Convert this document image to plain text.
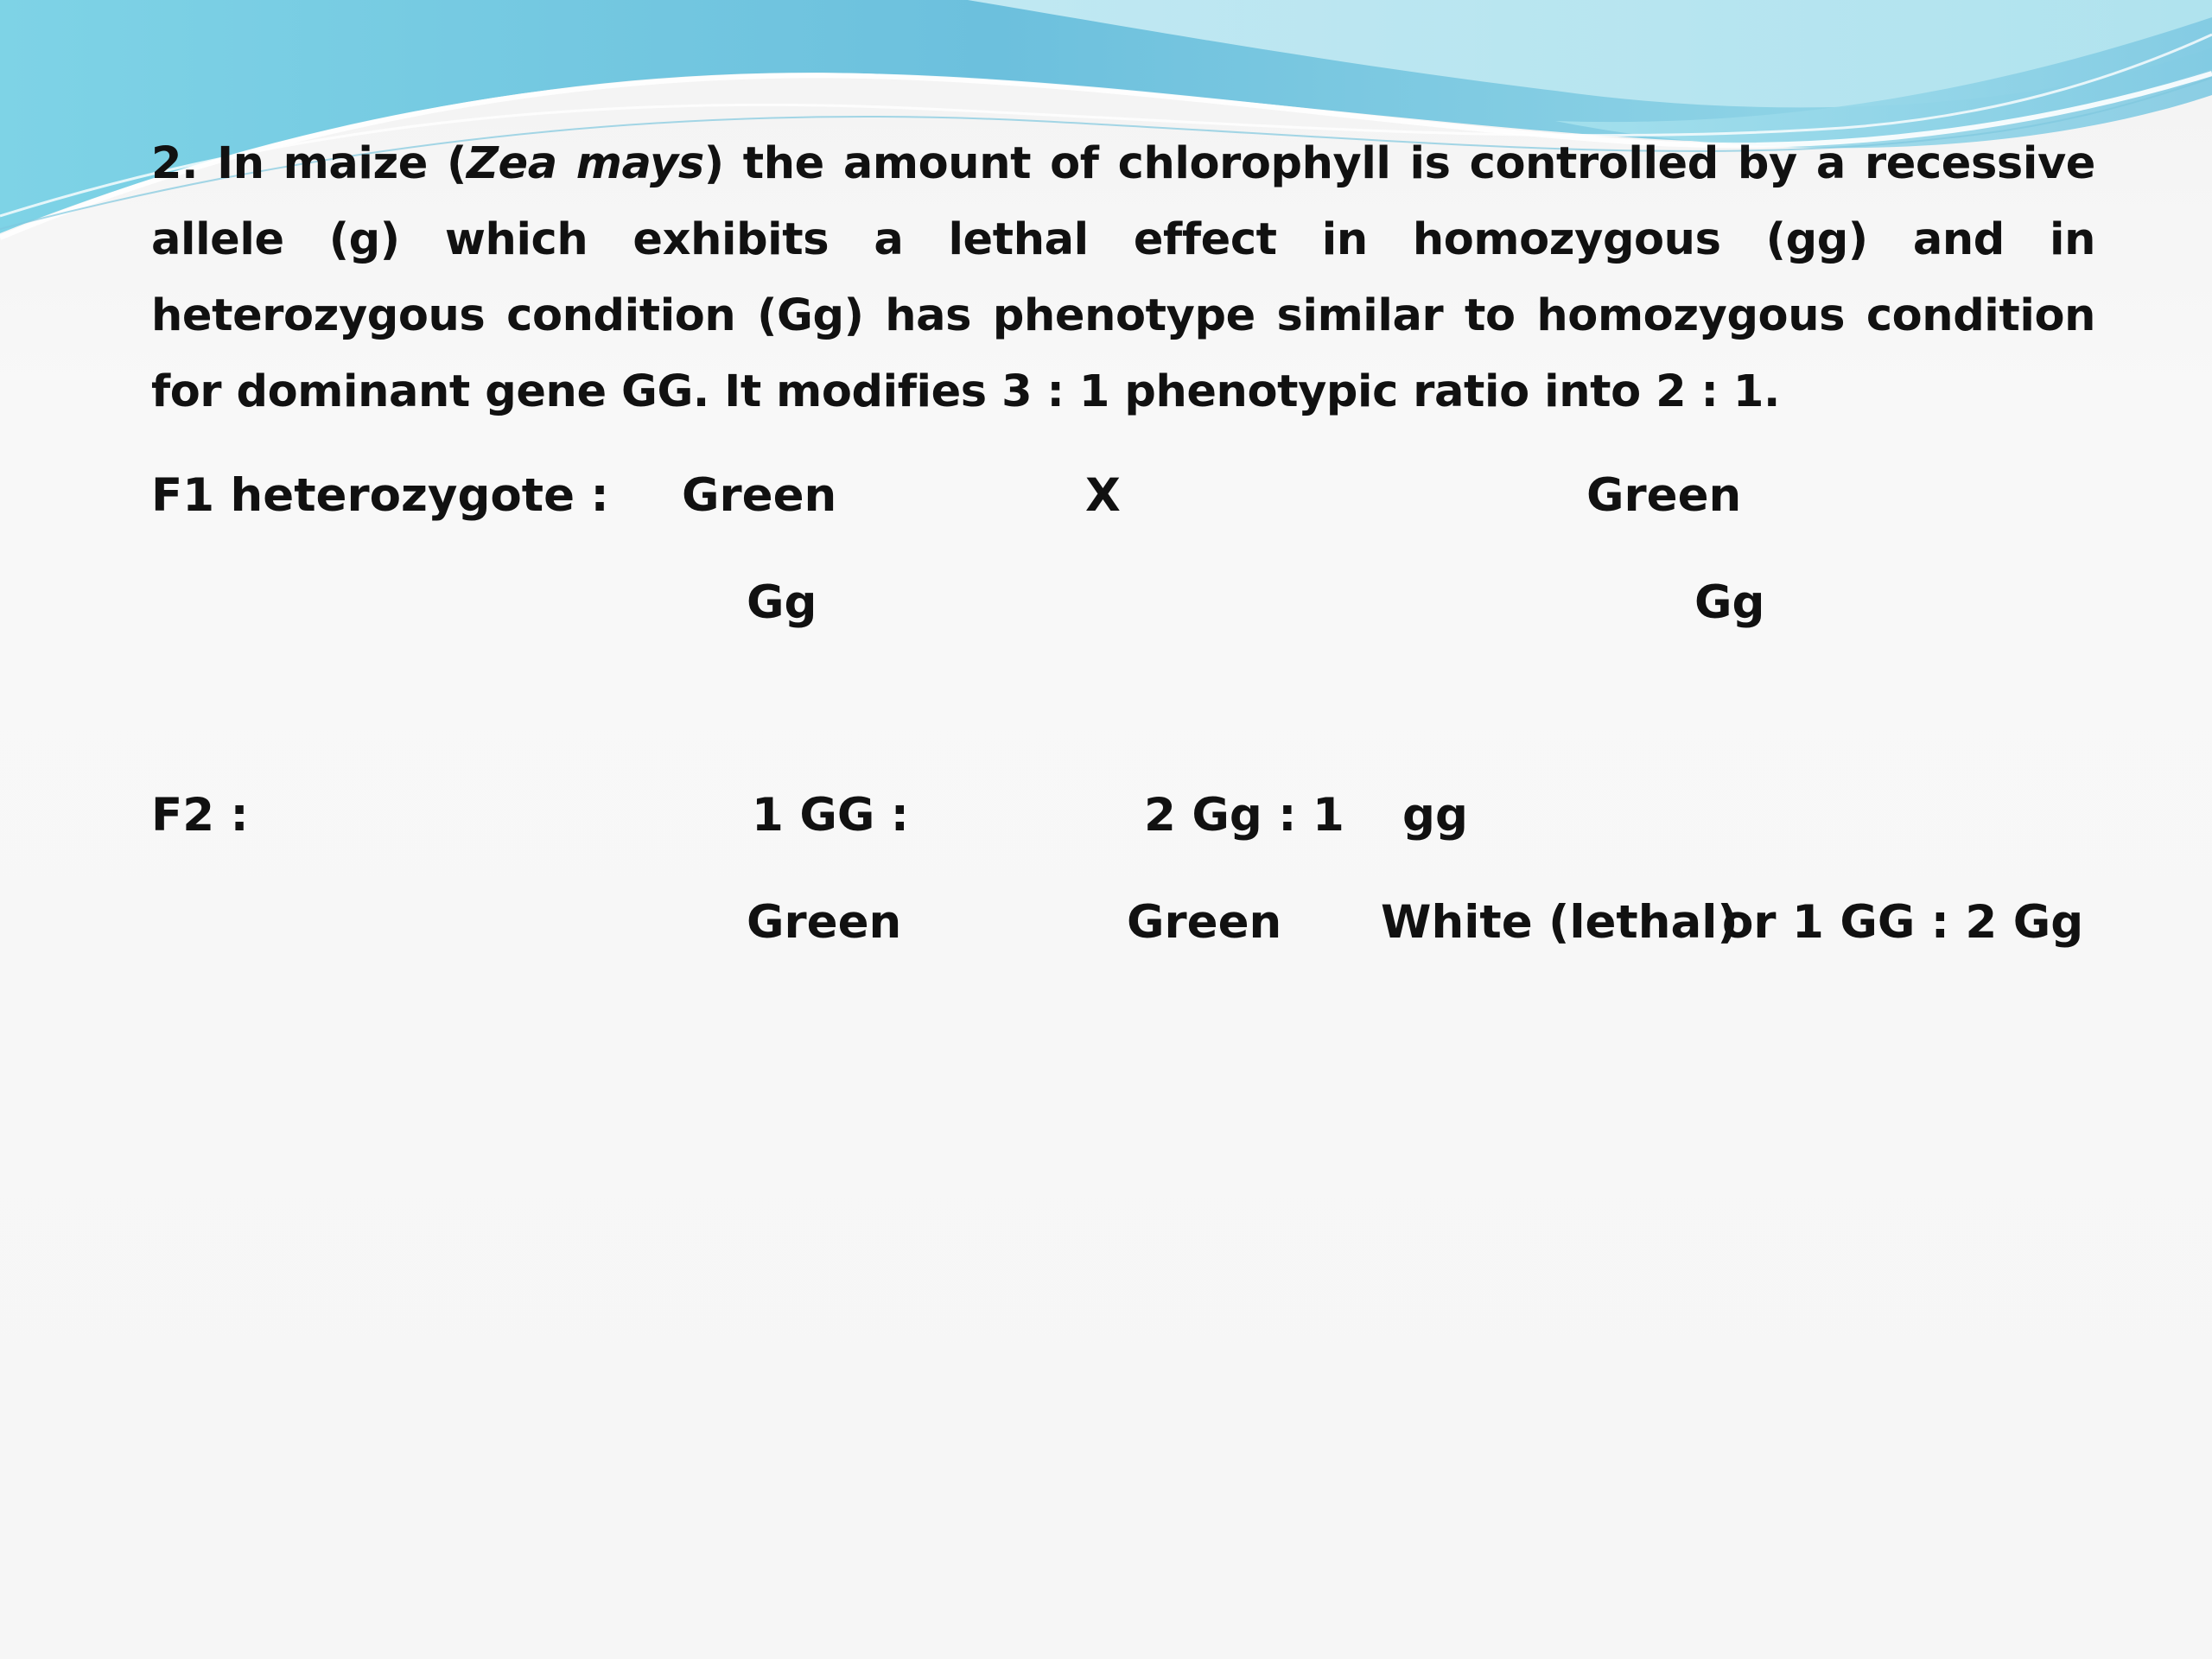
2. In maize (Zea mays) the amount of chlorophyll is controlled by a recessive allele (g) which exhibits a lethal effect in homozygous (gg) and in heterozygous condition (Gg) has phenotype similar to homozygous condition for dominant gene GG. It modifies 3 : 1 phenotypic ratio into 2 : 1.

F1 heterozygote : Green	X	Green
Gg	Gg
F2 :	1 GG :	2 Gg : 1 gg
Green	Green White (lethal)
or 1 GG : 2 Gg
